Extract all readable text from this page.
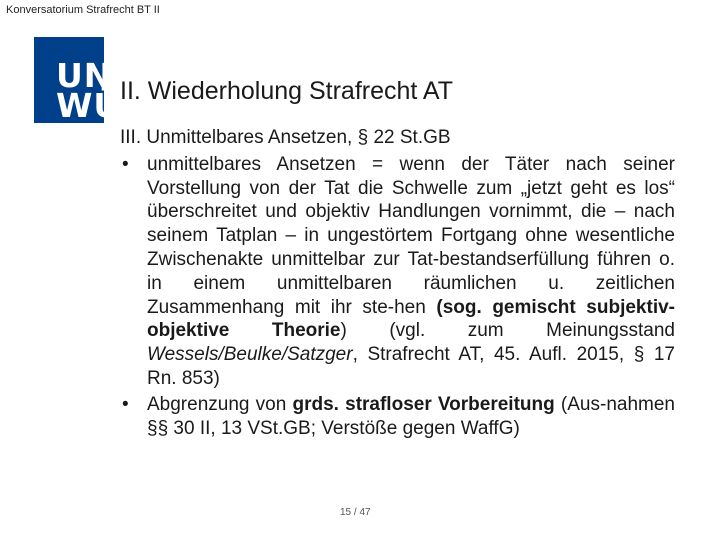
Konversatorium Strafrecht BT II
UNI
WÜ
II. Wiederholung Strafrecht AT
III. Unmittelbares Ansetzen, § 22 St.GB

• unmittelbares Ansetzen = wenn der Täter nach seiner Vorstellung von der Tat die Schwelle zum „jetzt geht es los“ überschreitet und objektiv Handlungen vornimmt, die – nach seinem Tatplan – in ungestörtem Fortgang ohne wesentliche Zwischenakte unmittelbar zur Tat-bestandserfüllung führen o. in einem unmittelbaren räumlichen u. zeitlichen Zusammenhang mit ihr ste-hen (sog. gemischt subjektiv-objektive Theorie) (vgl. zum Meinungsstand Wessels/Beulke/Satzger, Strafrecht AT, 45. Aufl. 2015, § 17 Rn. 853)

• Abgrenzung von grds. strafloser Vorbereitung (Aus-nahmen §§ 30 II, 13 VSt.GB; Verstöße gegen WaffG)

15 / 47
